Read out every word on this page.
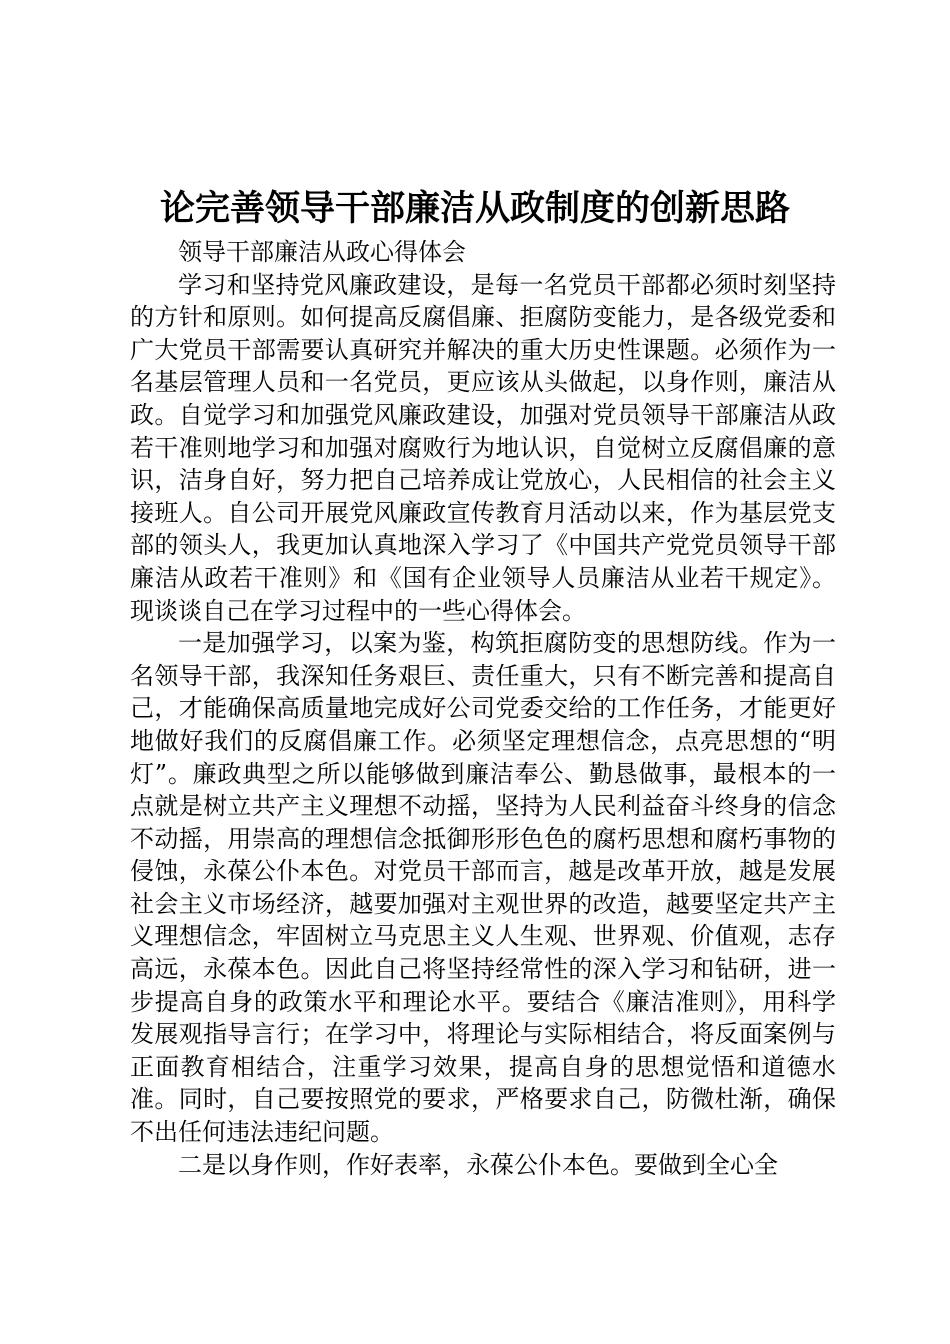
论完善领导干部廉洁从政制度的创新思路

领导干部廉洁从政心得体会

学习和坚持党风廉政建设，是每一名党员干部都必须时刻坚持的方针和原则。如何提高反腐倡廉、拒腐防变能力，是各级党委和广大党员干部需要认真研究并解决的重大历史性课题。必须作为一名基层管理人员和一名党员，更应该从头做起，以身作则，廉洁从政。自觉学习和加强党风廉政建设，加强对党员领导干部廉洁从政若干准则地学习和加强对腐败行为地认识，自觉树立反腐倡廉的意识，洁身自好，努力把自己培养成让党放心，人民相信的社会主义接班人。自公司开展党风廉政宣传教育月活动以来，作为基层党支部的领头人，我更加认真地深入学习了《中国共产党党员领导干部廉洁从政若干准则》和《国有企业领导人员廉洁从业若干规定》。现谈谈自己在学习过程中的一些心得体会。

一是加强学习，以案为鉴，构筑拒腐防变的思想防线。作为一名领导干部，我深知任务艰巨、责任重大，只有不断完善和提高自己，才能确保高质量地完成好公司党委交给的工作任务，才能更好地做好我们的反腐倡廉工作。必须坚定理想信念，点亮思想的“明灯”。廉政典型之所以能够做到廉洁奉公、勤恳做事，最根本的一点就是树立共产主义理想不动摇，坚持为人民利益奋斗终身的信念不动摇，用崇高的理想信念抵御形形色色的腐朽思想和腐朽事物的侵蚀，永葆公仆本色。对党员干部而言，越是改革开放，越是发展社会主义市场经济，越要加强对主观世界的改造，越要坚定共产主义理想信念，牢固树立马克思主义人生观、世界观、价值观，志存高远，永葆本色。因此自己将坚持经常性的深入学习和钻研，进一步提高自身的政策水平和理论水平。要结合《廉洁准则》，用科学发展观指导言行；在学习中，将理论与实际相结合，将反面案例与正面教育相结合，注重学习效果，提高自身的思想觉悟和道德水准。同时，自己要按照党的要求，严格要求自己，防微杜渐，确保不出任何违法违纪问题。

二是以身作则，作好表率，永葆公仆本色。要做到全心全
